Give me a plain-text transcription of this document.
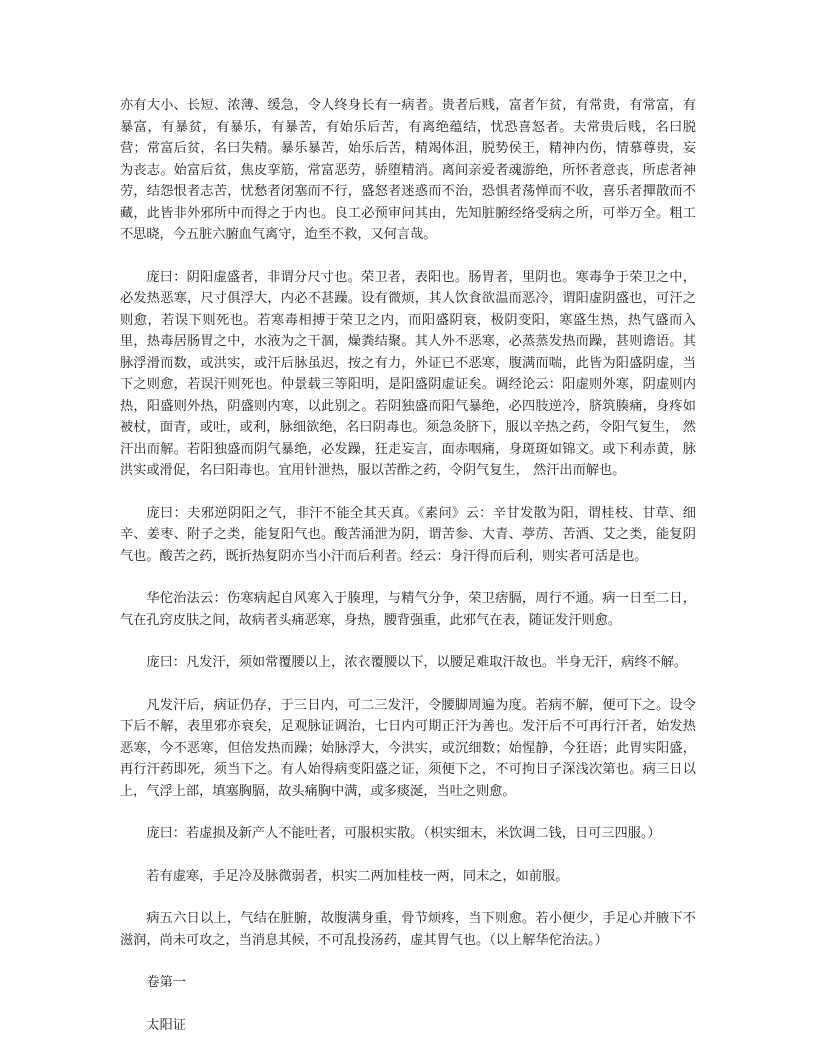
亦有大小、长短、浓薄、缓急，令人终身长有一病者。贵者后贱，富者乍贫，有常贵，有常富，有暴富，有暴贫，有暴乐，有暴苦，有始乐后苦，有离绝蕴结，忧恐喜怒者。夫常贵后贱，名曰脱营；常富后贫，名曰失精。暴乐暴苦，始乐后苦，精竭体沮，脱势侯王，精神内伤，情慕尊贵，妄为丧志。始富后贫，焦皮挛筋，常富恶劳，骄堕精消。离间亲爱者魂游绝，所怀者意丧，所虑者神劳，结怨恨者志苦，忧愁者闭塞而不行，盛怒者迷惑而不治，恐惧者荡惮而不收，喜乐者撣散而不藏，此皆非外邪所中而得之于内也。良工必预审问其由，先知脏腑经络受病之所，可举万全。粗工不思晓，今五脏六腑血气离守，迨至不救，又何言哉。

庞曰：阴阳虚盛者，非谓分尺寸也。荣卫者，表阳也。肠胃者，里阴也。寒毒争于荣卫之中，必发热恶寒，尺寸俱浮大，内必不甚躁。设有微烦，其人饮食欲温而恶冷，谓阳虚阴盛也，可汗之则愈，若误下则死也。若寒毒相搏于荣卫之内，而阳盛阴衰，极阴变阳，寒盛生热，热气盛而入里，热毒居肠胃之中，水液为之干涸，燥粪结聚。其人外不恶寒，必蒸蒸发热而躁，甚则谵语。其脉浮滑而数，或洪实，或汗后脉虽迟，按之有力，外证已不恶寒，腹满而喘，此皆为阳盛阴虚，当下之则愈，若误汗则死也。仲景载三等阳明，是阳盛阴虚证矣。调经论云：阳虚则外寒，阴虚则内热，阳盛则外热，阴盛则内寒，以此别之。若阴独盛而阳气暴绝，必四肢逆冷，脐筑腠痛，身疼如被杖，面青，或吐，或利，脉细欲绝，名曰阴毒也。须急灸脐下，服以辛热之药，令阳气复生， 然汗出而解。若阳独盛而阴气暴绝，必发躁，狂走妄言，面赤咽痛，身斑斑如锦文。或下利赤黄，脉洪实或滑促，名曰阳毒也。宜用针泄热，服以苦酢之药，令阴气复生， 然汗出而解也。

庞曰：夫邪逆阴阳之气，非汗不能全其天真。《素问》云：辛甘发散为阳，谓桂枝、甘草、细辛、姜枣、附子之类，能复阳气也。酸苦涌泄为阴，谓苦参、大青、葶苈、苦酒、艾之类，能复阴气也。酸苦之药，既折热复阴亦当小汗而后利者。经云：身汗得而后利，则实者可活是也。

华佗治法云：伤寒病起自风寒入于腠理，与精气分争，荣卫痞膈，周行不通。病一日至二日，气在孔窍皮肤之间，故病者头痛恶寒，身热，腰背强重，此邪气在表，随证发汗则愈。

庞曰：凡发汗，须如常覆腰以上，浓衣覆腰以下，以腰足难取汗故也。半身无汗，病终不解。

凡发汗后，病证仍存，于三日内，可二三发汗，令腰脚周遍为度。若病不解，便可下之。设令下后不解，表里邪亦衰矣，足观脉证调治，七日内可期正汗为善也。发汗后不可再行汗者，始发热恶寒，今不恶寒，但倍发热而躁；始脉浮大，今洪实，或沉细数；始惺静，今狂语；此胃实阳盛，再行汗药即死，须当下之。有人始得病变阳盛之证，须便下之，不可拘日子深浅次第也。病三日以上，气浮上部，填塞胸膈，故头痛胸中满，或多痰涎，当吐之则愈。

庞曰：若虚损及新产人不能吐者，可服枳实散。（枳实细末，米饮调二钱，日可三四服。）

若有虚寒，手足冷及脉微弱者，枳实二两加桂枝一两，同末之，如前服。

病五六日以上，气结在脏腑，故腹满身重，骨节烦疼，当下则愈。若小便少，手足心并腋下不滋润，尚未可攻之，当消息其候，不可乱投汤药，虚其胃气也。（以上解华佗治法。）

卷第一

太阳证
